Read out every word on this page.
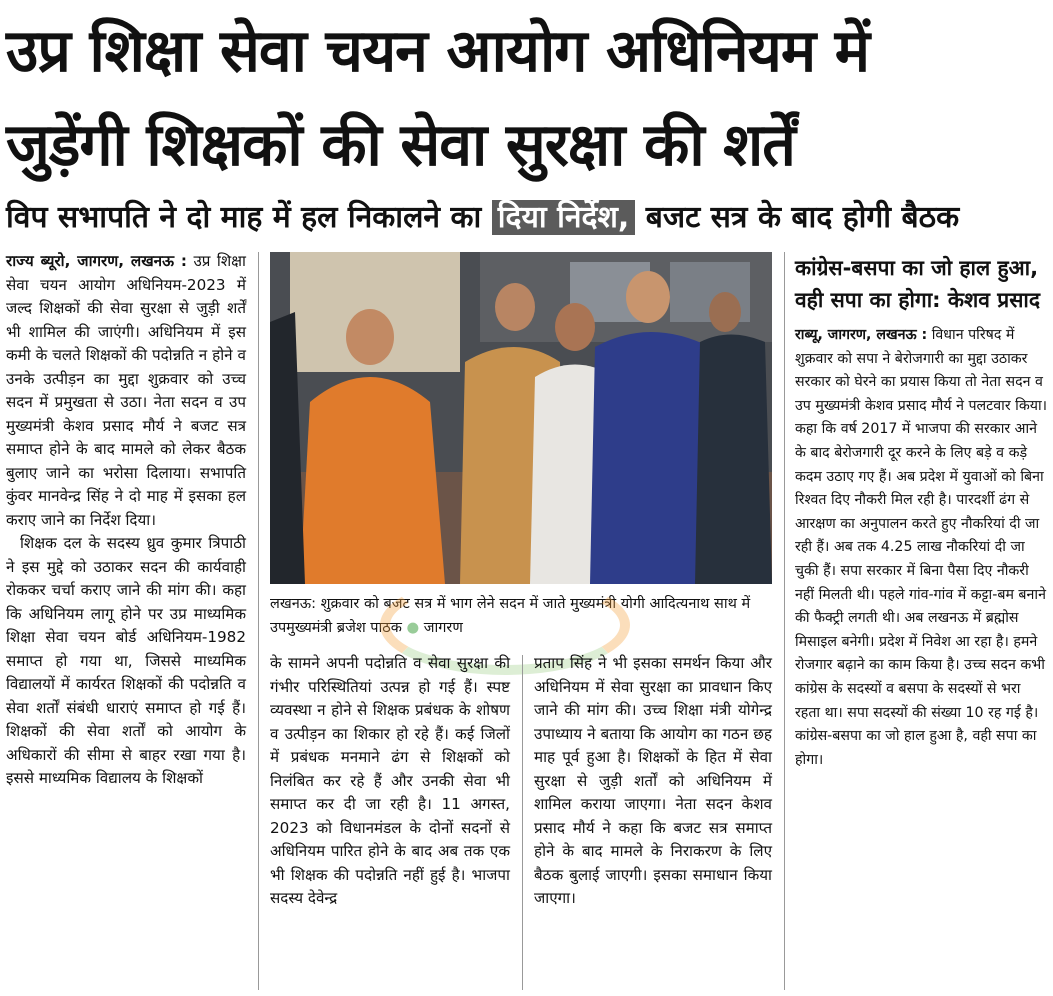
उप्र शिक्षा सेवा चयन आयोग अधिनियम में
जुड़ेंगी शिक्षकों की सेवा सुरक्षा की शर्तें
विप सभापति ने दो माह में हल निकालने का दिया निर्देश, बजट सत्र के बाद होगी बैठक

राज्य ब्यूरो, जागरण, लखनऊ : उप्र शिक्षा सेवा चयन आयोग अधिनियम-2023 में जल्द शिक्षकों की सेवा सुरक्षा से जुड़ी शर्तें भी शामिल की जाएंगी। अधिनियम में इस कमी के चलते शिक्षकों की पदोन्नति न होने व उनके उत्पीड़न का मुद्दा शुक्रवार को उच्च सदन में प्रमुखता से उठा। नेता सदन व उप मुख्यमंत्री केशव प्रसाद मौर्य ने बजट सत्र समाप्त होने के बाद मामले को लेकर बैठक बुलाए जाने का भरोसा दिलाया। सभापति कुंवर मानवेन्द्र सिंह ने दो माह में इसका हल कराए जाने का निर्देश दिया।

शिक्षक दल के सदस्य ध्रुव कुमार त्रिपाठी ने इस मुद्दे को उठाकर सदन की कार्यवाही रोककर चर्चा कराए जाने की मांग की। कहा कि अधिनियम लागू होने पर उप्र माध्यमिक शिक्षा सेवा चयन बोर्ड अधिनियम-1982 समाप्त हो गया था, जिससे माध्यमिक विद्यालयों में कार्यरत शिक्षकों की पदोन्नति व सेवा शर्तों संबंधी धाराएं समाप्त हो गई हैं। शिक्षकों की सेवा शर्तों को आयोग के अधिकारों की सीमा से बाहर रखा गया है। इससे माध्यमिक विद्यालय के शिक्षकों

लखनऊ: शुक्रवार को बजट सत्र में भाग लेने सदन में जाते मुख्यमंत्री योगी आदित्यनाथ साथ में उपमुख्यमंत्री ब्रजेश पाठक ● जागरण

के सामने अपनी पदोन्नति व सेवा सुरक्षा की गंभीर परिस्थितियां उत्पन्न हो गई हैं। स्पष्ट व्यवस्था न होने से शिक्षक प्रबंधक के शोषण व उत्पीड़न का शिकार हो रहे हैं। कई जिलों में प्रबंधक मनमाने ढंग से शिक्षकों को निलंबित कर रहे हैं और उनकी सेवा भी समाप्त कर दी जा रही है। 11 अगस्त, 2023 को विधानमंडल के दोनों सदनों से अधिनियम पारित होने के बाद अब तक एक भी शिक्षक की पदोन्नति नहीं हुई है। भाजपा सदस्य देवेन्द्र

प्रताप सिंह ने भी इसका समर्थन किया और अधिनियम में सेवा सुरक्षा का प्रावधान किए जाने की मांग की। उच्च शिक्षा मंत्री योगेन्द्र उपाध्याय ने बताया कि आयोग का गठन छह माह पूर्व हुआ है। शिक्षकों के हित में सेवा सुरक्षा से जुड़ी शर्तों को अधिनियम में शामिल कराया जाएगा। नेता सदन केशव प्रसाद मौर्य ने कहा कि बजट सत्र समाप्त होने के बाद मामले के निराकरण के लिए बैठक बुलाई जाएगी। इसका समाधान किया जाएगा।

कांग्रेस-बसपा का जो हाल हुआ, वही सपा का होगा: केशव प्रसाद

राब्यू, जागरण, लखनऊ : विधान परिषद में शुक्रवार को सपा ने बेरोजगारी का मुद्दा उठाकर सरकार को घेरने का प्रयास किया तो नेता सदन व उप मुख्यमंत्री केशव प्रसाद मौर्य ने पलटवार किया। कहा कि वर्ष 2017 में भाजपा की सरकार आने के बाद बेरोजगारी दूर करने के लिए बड़े व कड़े कदम उठाए गए हैं। अब प्रदेश में युवाओं को बिना रिश्वत दिए नौकरी मिल रही है। पारदर्शी ढंग से आरक्षण का अनुपालन करते हुए नौकरियां दी जा रही हैं। अब तक 4.25 लाख नौकरियां दी जा चुकी हैं। सपा सरकार में बिना पैसा दिए नौकरी नहीं मिलती थी। पहले गांव-गांव में कट्टा-बम बनाने की फैक्ट्री लगती थी। अब लखनऊ में ब्रह्मोस मिसाइल बनेगी। प्रदेश में निवेश आ रहा है। हमने रोजगार बढ़ाने का काम किया है। उच्च सदन कभी कांग्रेस के सदस्यों व बसपा के सदस्यों से भरा रहता था। सपा सदस्यों की संख्या 10 रह गई है। कांग्रेस-बसपा का जो हाल हुआ है, वही सपा का होगा।
